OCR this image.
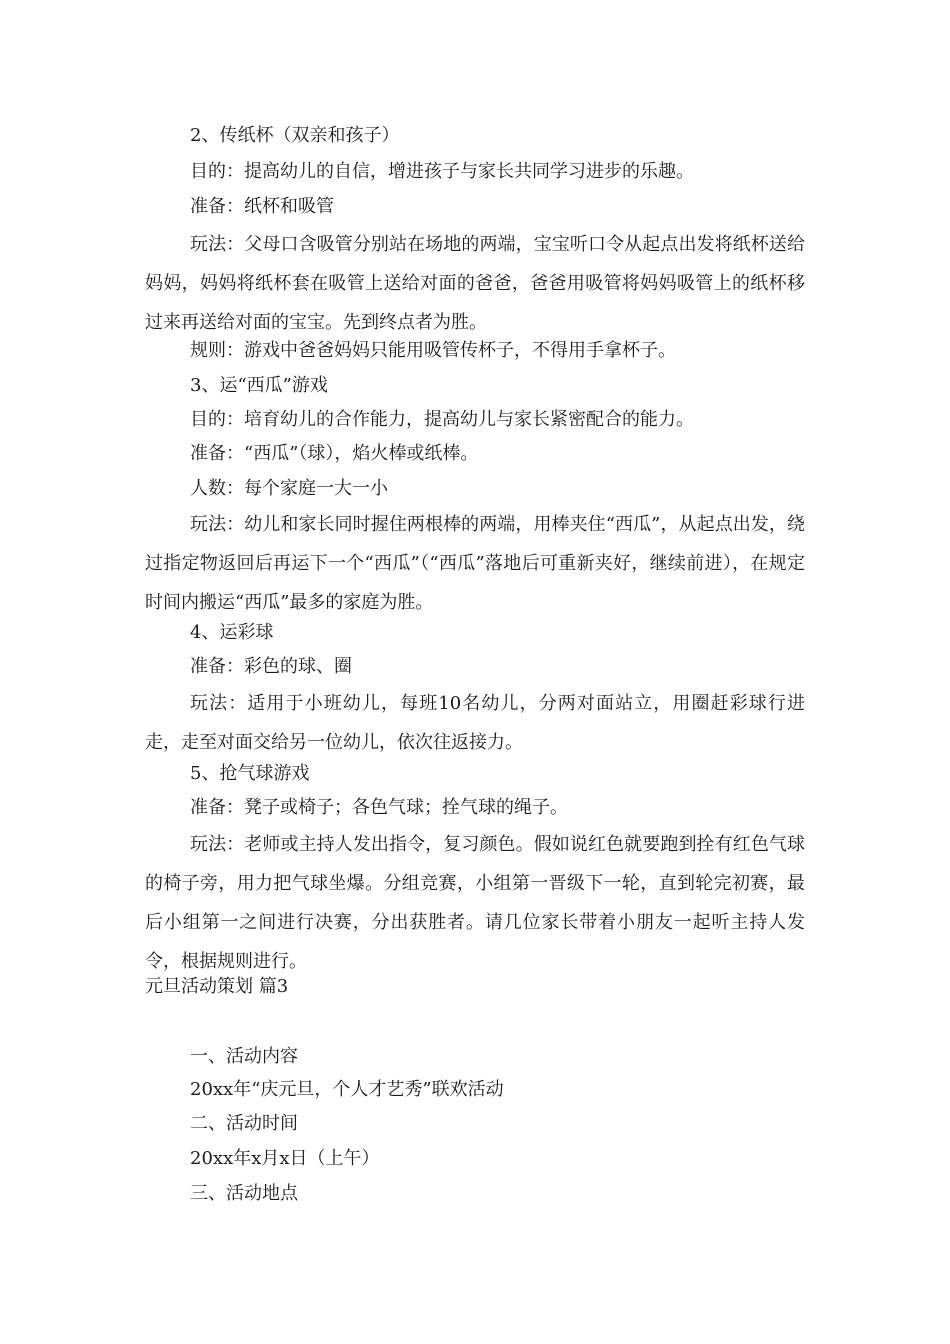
2、传纸杯（双亲和孩子）
目的：提高幼儿的自信，增进孩子与家长共同学习进步的乐趣。
准备：纸杯和吸管
玩法：父母口含吸管分别站在场地的两端，宝宝听口令从起点出发将纸杯送给妈妈，妈妈将纸杯套在吸管上送给对面的爸爸，爸爸用吸管将妈妈吸管上的纸杯移过来再送给对面的宝宝。先到终点者为胜。
规则：游戏中爸爸妈妈只能用吸管传杯子，不得用手拿杯子。
3、运“西瓜”游戏
目的：培育幼儿的合作能力，提高幼儿与家长紧密配合的能力。
准备：“西瓜”（球），焰火棒或纸棒。
人数：每个家庭一大一小
玩法：幼儿和家长同时握住两根棒的两端，用棒夹住“西瓜”，从起点出发，绕过指定物返回后再运下一个“西瓜”（“西瓜”落地后可重新夹好，继续前进），在规定时间内搬运“西瓜”最多的家庭为胜。
4、运彩球
准备：彩色的球、圈
玩法：适用于小班幼儿，每班10名幼儿，分两对面站立，用圈赶彩球行进走，走至对面交给另一位幼儿，依次往返接力。
5、抢气球游戏
准备：凳子或椅子；各色气球；拴气球的绳子。
玩法：老师或主持人发出指令，复习颜色。假如说红色就要跑到拴有红色气球的椅子旁，用力把气球坐爆。分组竞赛，小组第一晋级下一轮，直到轮完初赛，最后小组第一之间进行决赛，分出获胜者。请几位家长带着小朋友一起听主持人发令，根据规则进行。
元旦活动策划 篇3
一、活动内容
20xx年“庆元旦，个人才艺秀”联欢活动
二、活动时间
20xx年x月x日（上午）
三、活动地点
